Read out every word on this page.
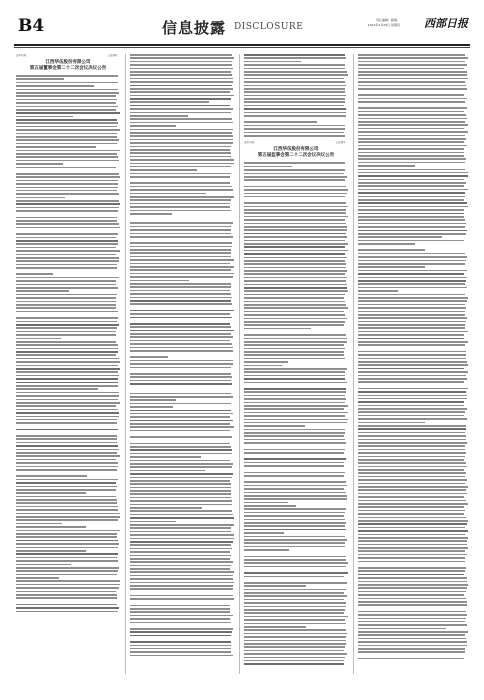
B4	信息披露 DISCLOSURE
责任编辑：邮箱：
2021年4月29日 星期四 西部日报
证券代码：	公告编号：
江西华伍股份有限公司
第五届董事会第二十二次会议决议公告
证券代码：	公告编号：
江西华伍股份有限公司
第五届监事会第二十二次会议决议公告
